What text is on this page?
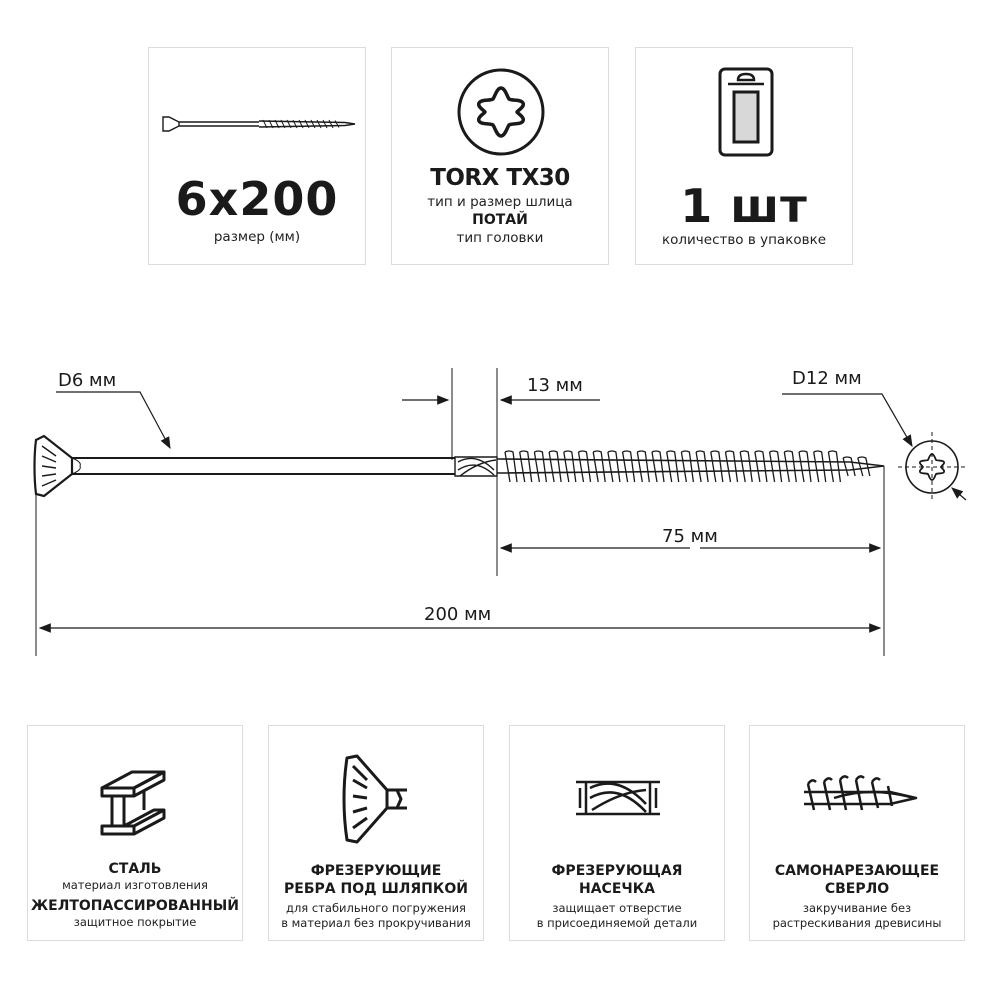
6x200
размер (мм)
TORX TX30
тип и размер шлица
ПОТАЙ
тип головки
1 шт
количество в упаковке
D6 мм	D12 мм
13 мм
75 мм
200 мм
СТАЛЬ
материал изготовления
ЖЕЛТОПАССИРОВАННЫЙ
защитное покрытие
ФРЕЗЕРУЮЩИЕ
РЕБРА ПОД ШЛЯПКОЙ
для стабильного погружения
в материал без прокручивания
ФРЕЗЕРУЮЩАЯ
НАСЕЧКА
защищает отверстие
в присоединяемой детали
САМОНАРЕЗАЮЩЕЕ
СВЕРЛО
закручивание без
растрескивания древисины
